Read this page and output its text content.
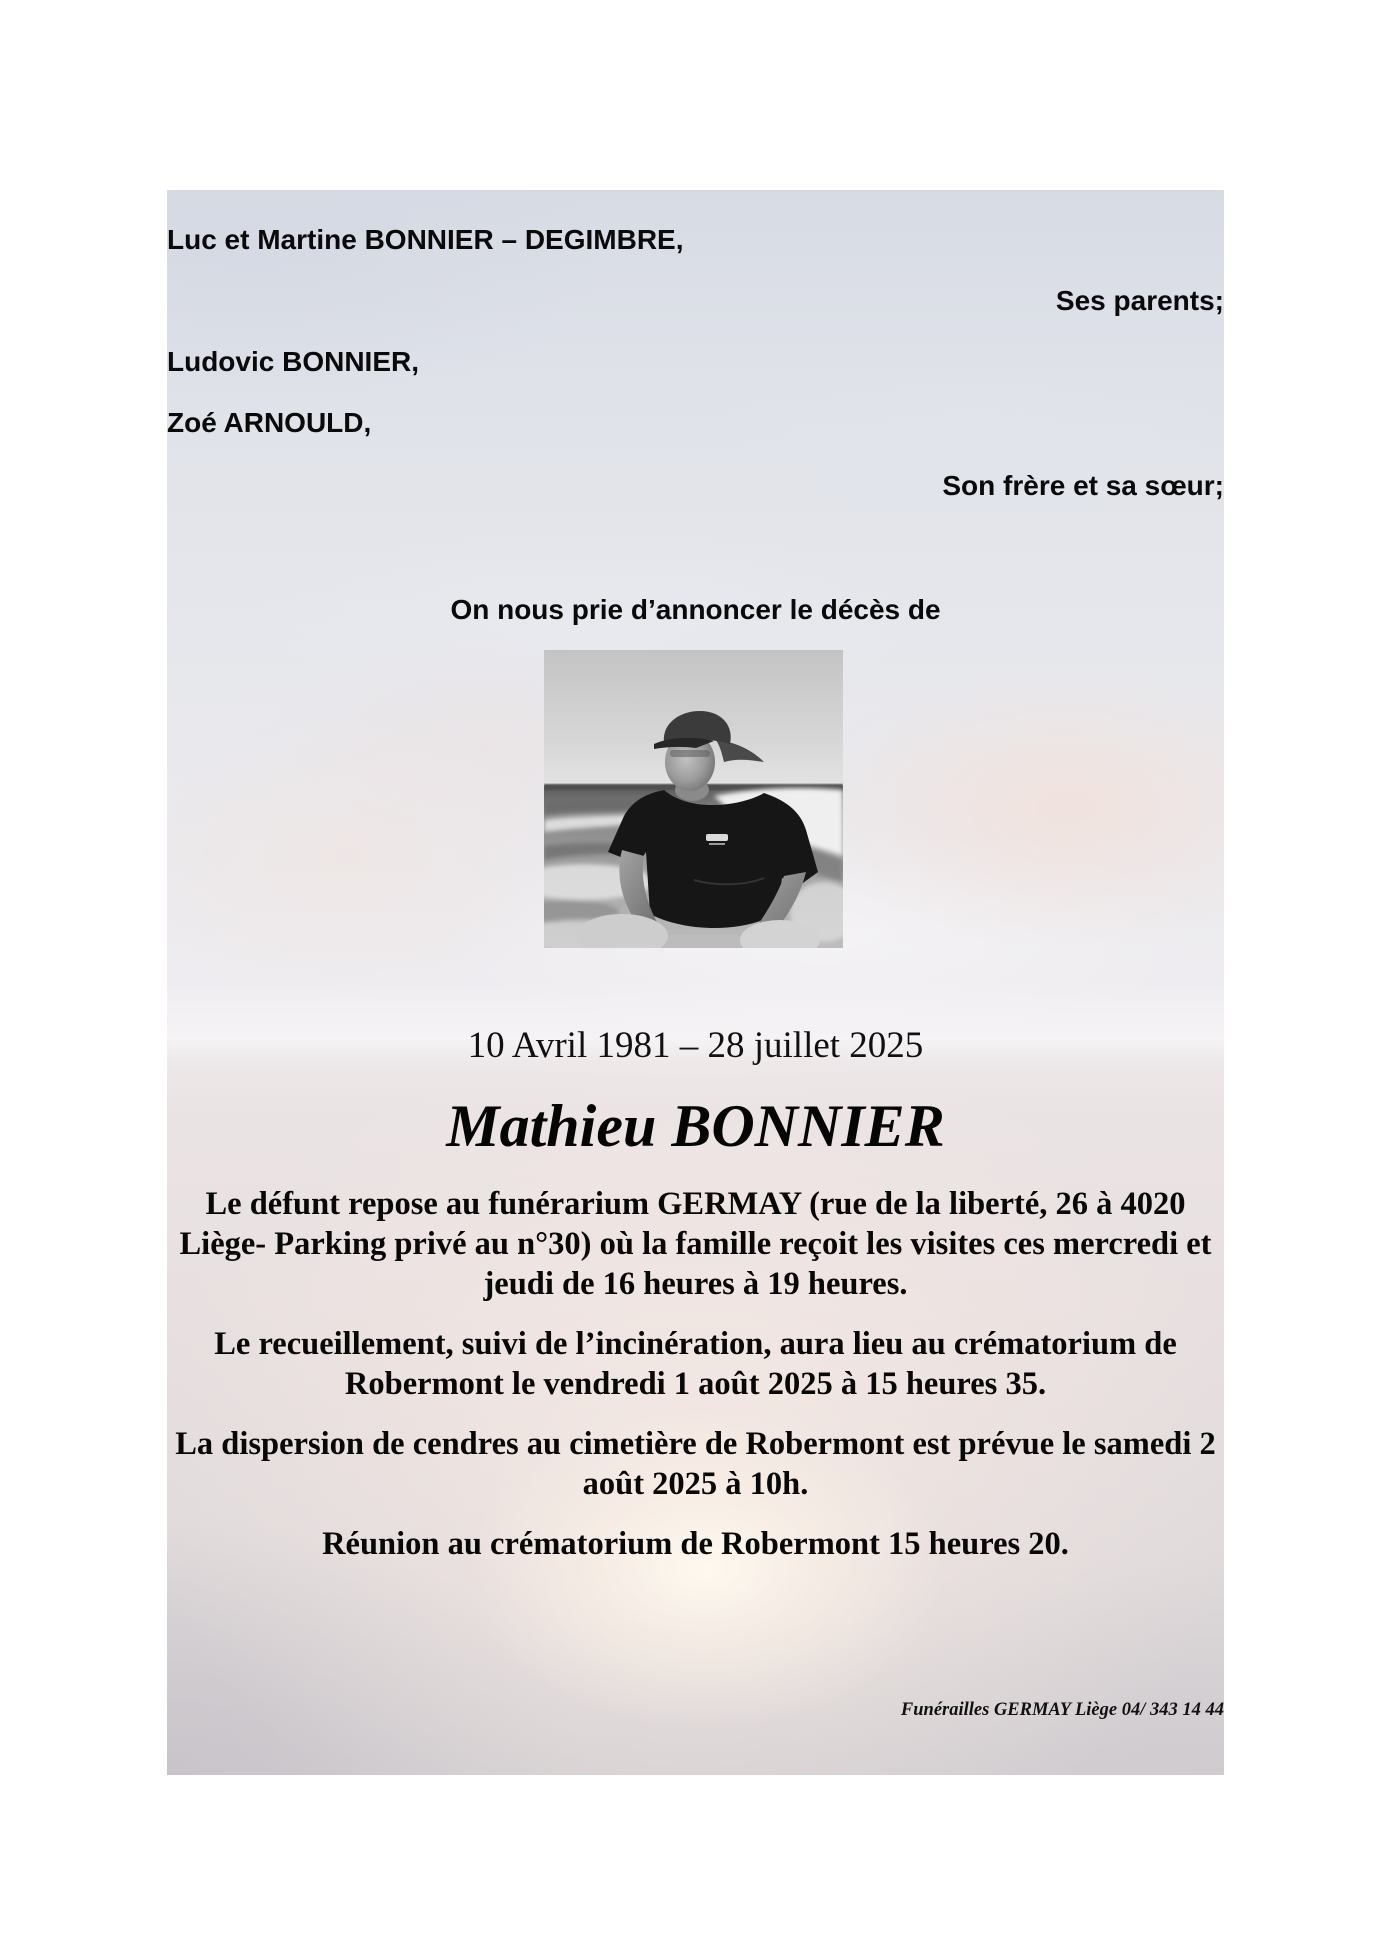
Luc et Martine BONNIER – DEGIMBRE,
Ses parents;
Ludovic BONNIER,
Zoé ARNOULD,
Son frère et sa sœur;
On nous prie d’annoncer le décès de
10 Avril 1981 – 28 juillet 2025
Mathieu BONNIER
Le défunt repose au funérarium GERMAY (rue de la liberté, 26 à 4020
Liège- Parking privé au n°30) où la famille reçoit les visites ces mercredi et
jeudi de 16 heures à 19 heures.
Le recueillement, suivi de l’incinération, aura lieu au crématorium de
Robermont le vendredi 1 août 2025 à 15 heures 35.
La dispersion de cendres au cimetière de Robermont est prévue le samedi 2
août 2025 à 10h.
Réunion au crématorium de Robermont 15 heures 20.
Funérailles GERMAY Liège 04/ 343 14 44
